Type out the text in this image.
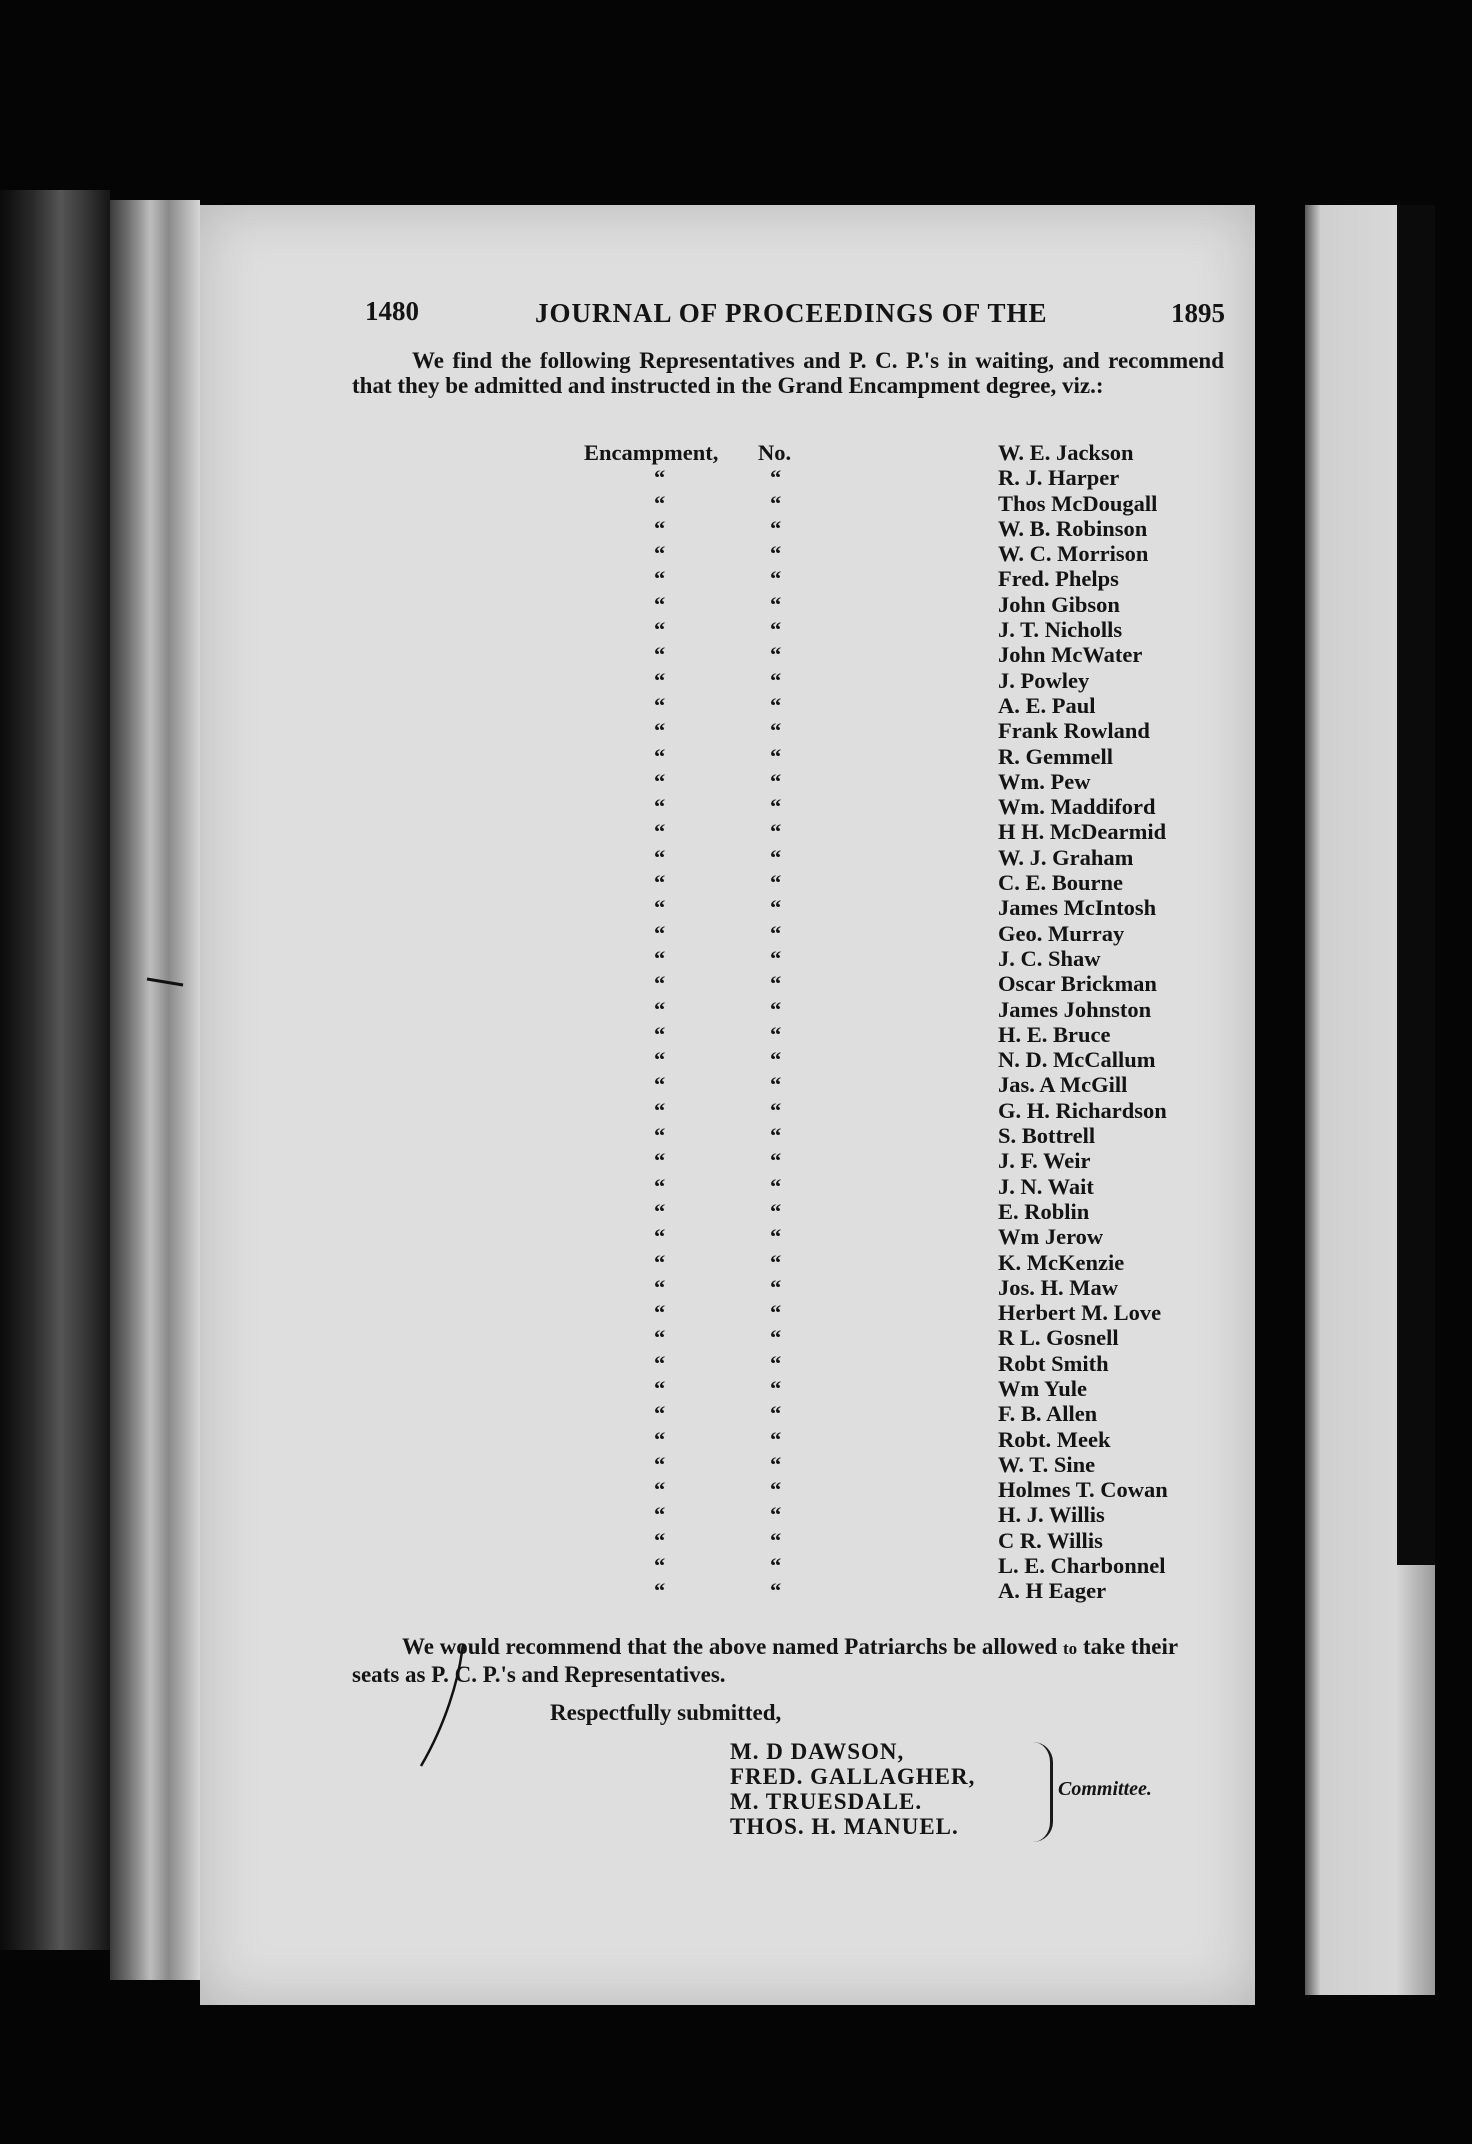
1480	JOURNAL OF PROCEEDINGS OF THE	1895
We find the following Representatives and P. C. P.'s in waiting, and recommend that they be admitted and instructed in the Grand Encampment degree, viz.:
Encampment, No.	W. E. Jackson
“	“	R. J. Harper
“	“	Thos McDougall
“	“	W. B. Robinson
“	“	W. C. Morrison
“	“	Fred. Phelps
“	“	John Gibson
“	“	J. T. Nicholls
“	“	John McWater
“	“	J. Powley
“	“	A. E. Paul
“	“	Frank Rowland
“	“	R. Gemmell
“	“	Wm. Pew
“	“	Wm. Maddiford
“	“	H H. McDearmid
“	“	W. J. Graham
“	“	C. E. Bourne
“	“	James McIntosh
“	“	Geo. Murray
“	“	J. C. Shaw
“	“	Oscar Brickman
“	“	James Johnston
“	“	H. E. Bruce
“	“	N. D. McCallum
“	“	Jas. A McGill
“	“	G. H. Richardson
“	“	S. Bottrell
“	“	J. F. Weir
“	“	J. N. Wait
“	“	E. Roblin
“	“	Wm Jerow
“	“	K. McKenzie
“	“	Jos. H. Maw
“	“	Herbert M. Love
“	“	R L. Gosnell
“	“	Robt Smith
“	“	Wm Yule
“	“	F. B. Allen
“	“	Robt. Meek
“	“	W. T. Sine
“	“	Holmes T. Cowan
“	“	H. J. Willis
“	“	C R. Willis
“	“	L. E. Charbonnel
“	“	A. H Eager
We would recommend that the above named Patriarchs be allowed to take their seats as P. C. P.'s and Representatives.
Respectfully submitted,
M. D DAWSON,
FRED. GALLAGHER,
M. TRUESDALE.
THOS. H. MANUEL.
Committee.
